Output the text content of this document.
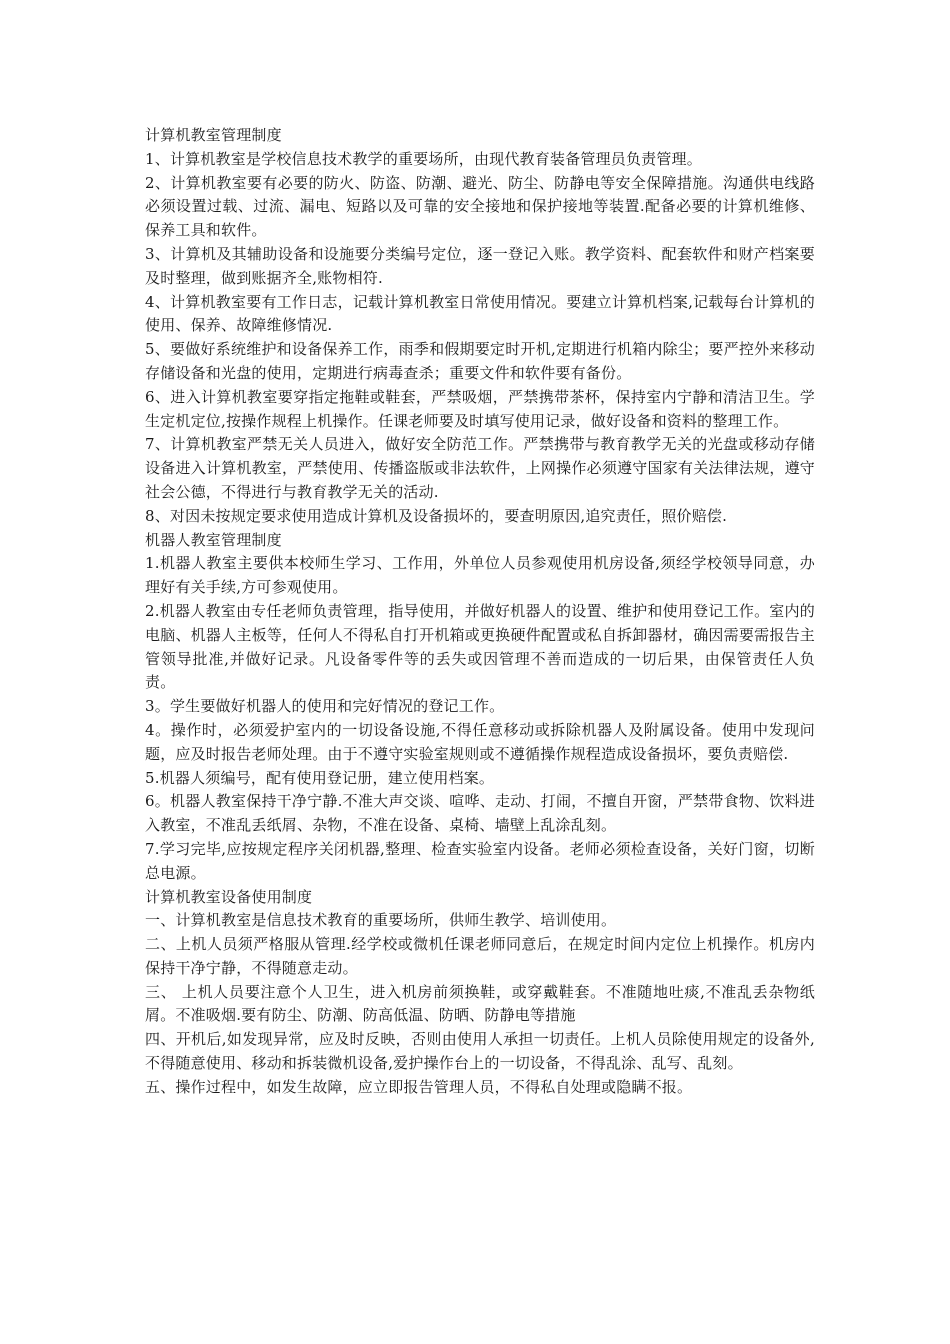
计算机教室管理制度

1、计算机教室是学校信息技术教学的重要场所，由现代教育装备管理员负责管理。

2、计算机教室要有必要的防火、防盗、防潮、避光、防尘、防静电等安全保障措施。沟通供电线路必须设置过载、过流、漏电、短路以及可靠的安全接地和保护接地等装置.配备必要的计算机维修、保养工具和软件。

3、计算机及其辅助设备和设施要分类编号定位，逐一登记入账。教学资料、配套软件和财产档案要及时整理，做到账据齐全,账物相符.

4、计算机教室要有工作日志，记载计算机教室日常使用情况。要建立计算机档案,记载每台计算机的使用、保养、故障维修情况.

5、要做好系统维护和设备保养工作，雨季和假期要定时开机,定期进行机箱内除尘；要严控外来移动存储设备和光盘的使用，定期进行病毒查杀；重要文件和软件要有备份。

6、进入计算机教室要穿指定拖鞋或鞋套，严禁吸烟，严禁携带茶杯，保持室内宁静和清洁卫生。学生定机定位,按操作规程上机操作。任课老师要及时填写使用记录，做好设备和资料的整理工作。

7、计算机教室严禁无关人员进入，做好安全防范工作。严禁携带与教育教学无关的光盘或移动存储设备进入计算机教室，严禁使用、传播盗版或非法软件，上网操作必须遵守国家有关法律法规，遵守社会公德，不得进行与教育教学无关的活动.

8、对因未按规定要求使用造成计算机及设备损坏的，要查明原因,追究责任，照价赔偿.

机器人教室管理制度

1.机器人教室主要供本校师生学习、工作用，外单位人员参观使用机房设备,须经学校领导同意，办理好有关手续,方可参观使用。

2.机器人教室由专任老师负责管理，指导使用，并做好机器人的设置、维护和使用登记工作。室内的电脑、机器人主板等，任何人不得私自打开机箱或更换硬件配置或私自拆卸器材，确因需要需报告主管领导批准,并做好记录。凡设备零件等的丢失或因管理不善而造成的一切后果，由保管责任人负责。

3。学生要做好机器人的使用和完好情况的登记工作。

4。操作时，必须爱护室内的一切设备设施,不得任意移动或拆除机器人及附属设备。使用中发现问题，应及时报告老师处理。由于不遵守实验室规则或不遵循操作规程造成设备损坏，要负责赔偿.

5.机器人须编号，配有使用登记册，建立使用档案。

6。机器人教室保持干净宁静.不准大声交谈、喧哗、走动、打闹，不擅自开窗，严禁带食物、饮料进入教室，不准乱丢纸屑、杂物，不准在设备、桌椅、墙壁上乱涂乱刻。

7.学习完毕,应按规定程序关闭机器,整理、检查实验室内设备。老师必须检查设备，关好门窗，切断总电源。

计算机教室设备使用制度

一、计算机教室是信息技术教育的重要场所，供师生教学、培训使用。

二、上机人员须严格服从管理.经学校或微机任课老师同意后，在规定时间内定位上机操作。机房内保持干净宁静，不得随意走动。

三、 上机人员要注意个人卫生，进入机房前须换鞋，或穿戴鞋套。不准随地吐痰,不准乱丢杂物纸屑。不准吸烟.要有防尘、防潮、防高低温、防晒、防静电等措施

四、开机后,如发现异常，应及时反映，否则由使用人承担一切责任。上机人员除使用规定的设备外,不得随意使用、移动和拆装微机设备,爱护操作台上的一切设备，不得乱涂、乱写、乱刻。

五、操作过程中，如发生故障，应立即报告管理人员，不得私自处理或隐瞒不报。
